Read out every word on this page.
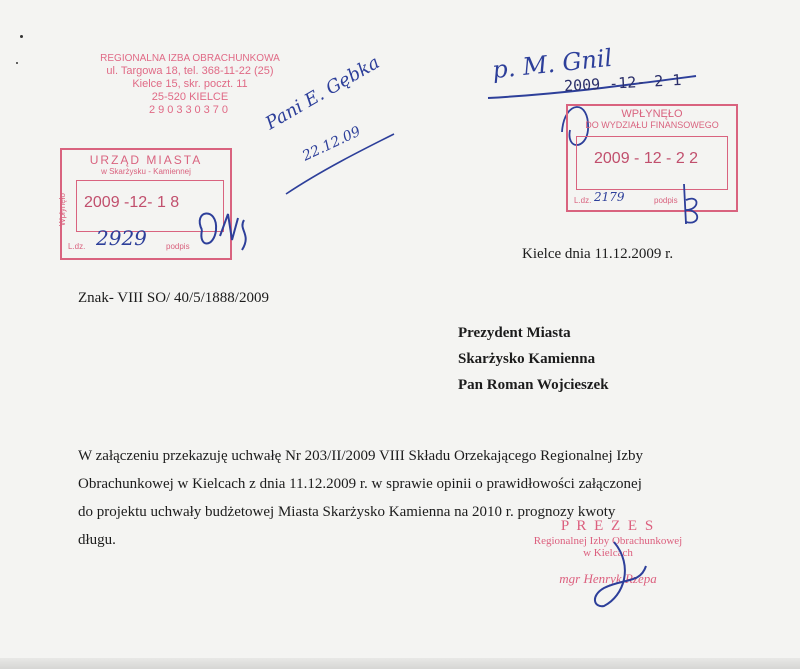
REGIONALNA IZBA OBRACHUNKOWA
ul. Targowa 18, tel. 368-11-22 (25)
Kielce 15, skr. poczt. 11
25-520 KIELCE
290330370
URZĄD MIASTA
w Skarżysku - Kamiennej
Wpłynęło 2009 -12- 1 8
L.dz. 2929 podpis
Pani E. Gębka
22.12.09
p. M. Gnil
2009 -12- 2 1
WPŁYNĘŁO
DO WYDZIAŁU FINANSOWEGO
2009 - 12 - 2 2
L.dz. 2179	podpis
Kielce dnia 11.12.2009 r.
Znak- VIII SO/ 40/5/1888/2009
Prezydent Miasta
Skarżysko Kamienna
Pan Roman Wojcieszek
W załączeniu przekazuję uchwałę Nr 203/II/2009 VIII Składu Orzekającego Regionalnej Izby
Obrachunkowej w Kielcach z dnia 11.12.2009 r. w sprawie opinii o prawidłowości załączonej
do projektu uchwały budżetowej Miasta Skarżysko Kamienna na 2010 r. prognozy kwoty
długu.
P R E Z E S
Regionalnej Izby Obrachunkowej
w Kielcach
mgr Henryk Rzepa
